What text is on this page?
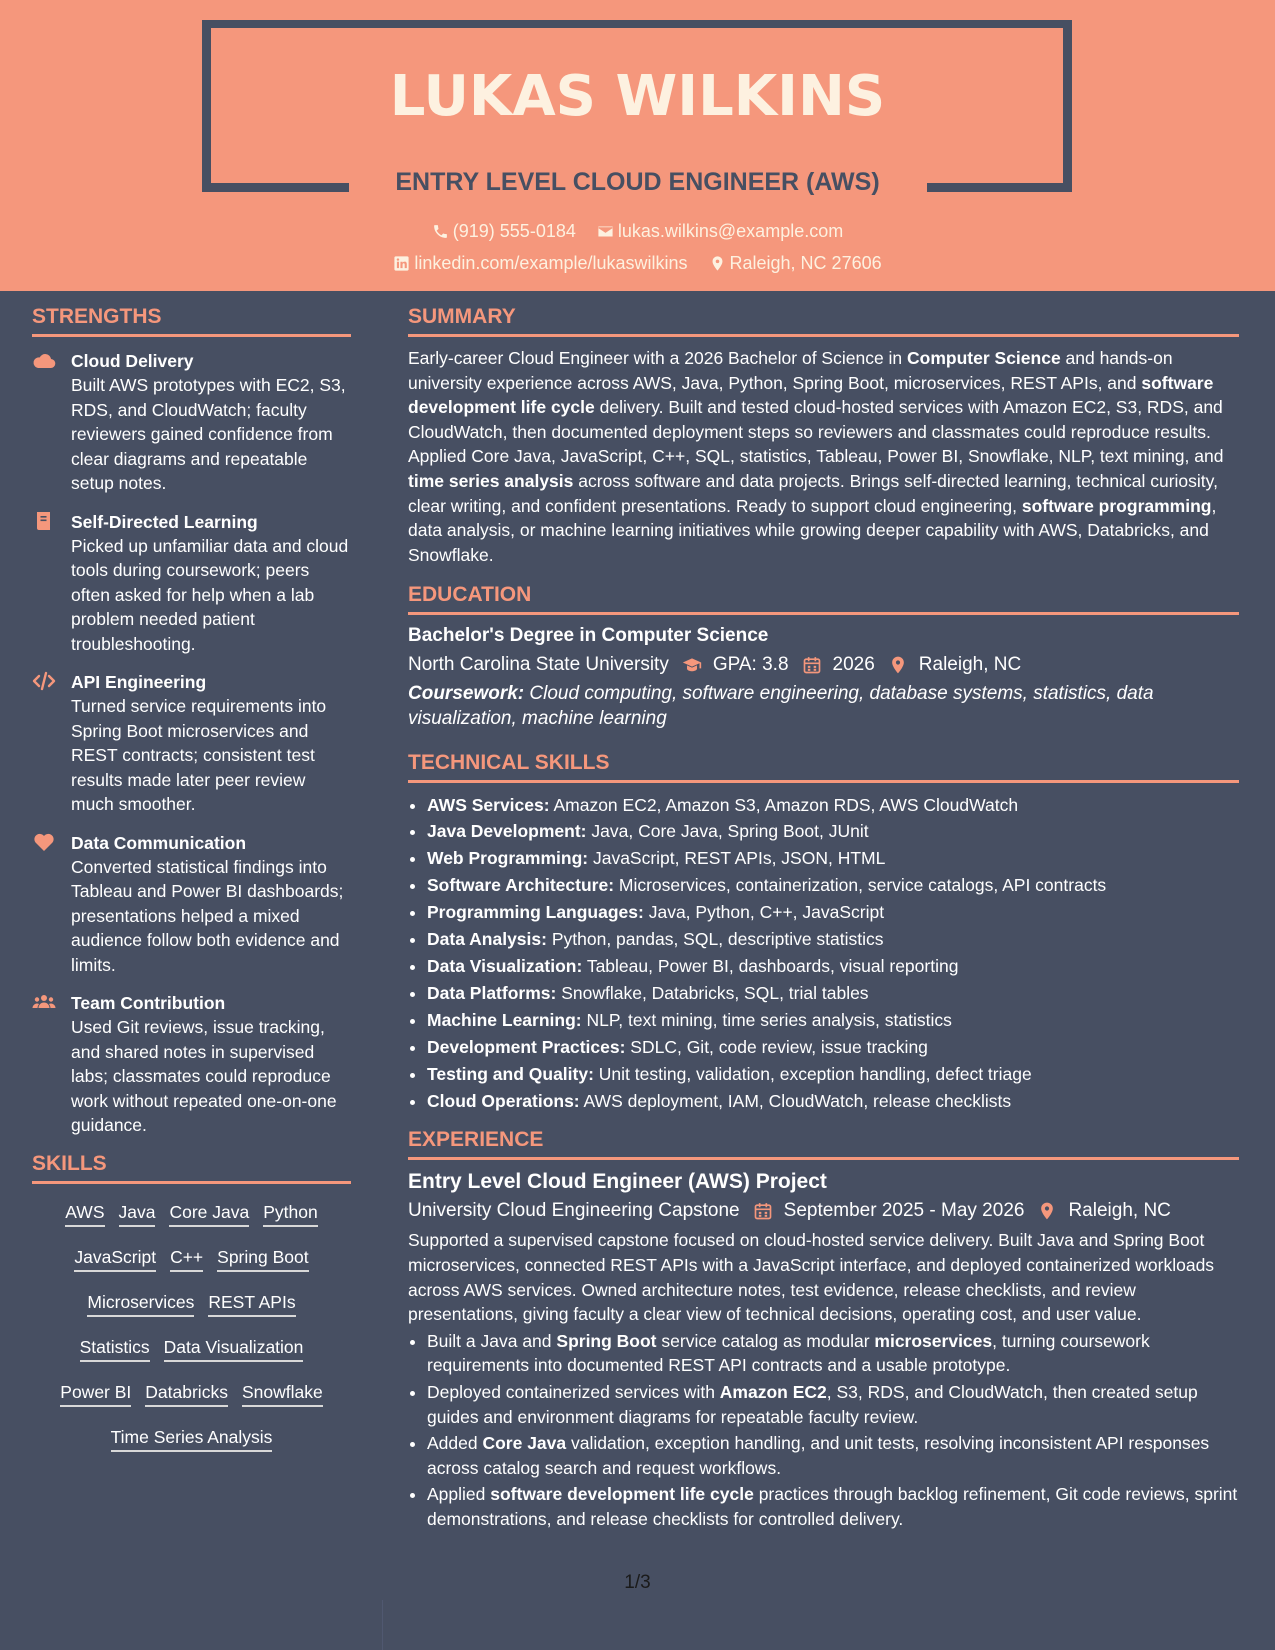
LUKAS WILKINS
ENTRY LEVEL CLOUD ENGINEER (AWS)
(919) 555-0184
lukas.wilkins@example.com
linkedin.com/example/lukaswilkins
Raleigh, NC 27606
STRENGTHS
Cloud Delivery
Built AWS prototypes with EC2, S3, RDS, and CloudWatch; faculty reviewers gained confidence from clear diagrams and repeatable setup notes.
Self-Directed Learning
Picked up unfamiliar data and cloud tools during coursework; peers often asked for help when a lab problem needed patient troubleshooting.
API Engineering
Turned service requirements into Spring Boot microservices and REST contracts; consistent test results made later peer review much smoother.
Data Communication
Converted statistical findings into Tableau and Power BI dashboards; presentations helped a mixed audience follow both evidence and limits.
Team Contribution
Used Git reviews, issue tracking, and shared notes in supervised labs; classmates could reproduce work without repeated one-on-one guidance.
SKILLS
AWS Java Core Java Python
JavaScript C++ Spring Boot
Microservices REST APIs
Statistics Data Visualization
Power BI Databricks Snowflake
Time Series Analysis
SUMMARY

Early-career Cloud Engineer with a 2026 Bachelor of Science in Computer Science and hands-on university experience across AWS, Java, Python, Spring Boot, microservices, REST APIs, and software development life cycle delivery. Built and tested cloud-hosted services with Amazon EC2, S3, RDS, and CloudWatch, then documented deployment steps so reviewers and classmates could reproduce results. Applied Core Java, JavaScript, C++, SQL, statistics, Tableau, Power BI, Snowflake, NLP, text mining, and time series analysis across software and data projects. Brings self-directed learning, technical curiosity, clear writing, and confident presentations. Ready to support cloud engineering, software programming, data analysis, or machine learning initiatives while growing deeper capability with AWS, Databricks, and Snowflake.

EDUCATION
Bachelor's Degree in Computer Science
North Carolina State University GPA: 3.8 2026 Raleigh, NC
Coursework: Cloud computing, software engineering, database systems, statistics, data visualization, machine learning
TECHNICAL SKILLS
• AWS Services: Amazon EC2, Amazon S3, Amazon RDS, AWS CloudWatch
• Java Development: Java, Core Java, Spring Boot, JUnit
• Web Programming: JavaScript, REST APIs, JSON, HTML
• Software Architecture: Microservices, containerization, service catalogs, API contracts
• Programming Languages: Java, Python, C++, JavaScript
• Data Analysis: Python, pandas, SQL, descriptive statistics
• Data Visualization: Tableau, Power BI, dashboards, visual reporting
• Data Platforms: Snowflake, Databricks, SQL, trial tables
• Machine Learning: NLP, text mining, time series analysis, statistics
• Development Practices: SDLC, Git, code review, issue tracking
• Testing and Quality: Unit testing, validation, exception handling, defect triage
• Cloud Operations: AWS deployment, IAM, CloudWatch, release checklists
EXPERIENCE
Entry Level Cloud Engineer (AWS) Project
University Cloud Engineering Capstone September 2025 - May 2026 Raleigh, NC

Supported a supervised capstone focused on cloud-hosted service delivery. Built Java and Spring Boot microservices, connected REST APIs with a JavaScript interface, and deployed containerized workloads across AWS services. Owned architecture notes, test evidence, release checklists, and review presentations, giving faculty a clear view of technical decisions, operating cost, and user value.

• Built a Java and Spring Boot service catalog as modular microservices, turning coursework requirements into documented REST API contracts and a usable prototype.
• Deployed containerized services with Amazon EC2, S3, RDS, and CloudWatch, then created setup guides and environment diagrams for repeatable faculty review.
• Added Core Java validation, exception handling, and unit tests, resolving inconsistent API responses across catalog search and request workflows.
• Applied software development life cycle practices through backlog refinement, Git code reviews, sprint demonstrations, and release checklists for controlled delivery.
1/3
